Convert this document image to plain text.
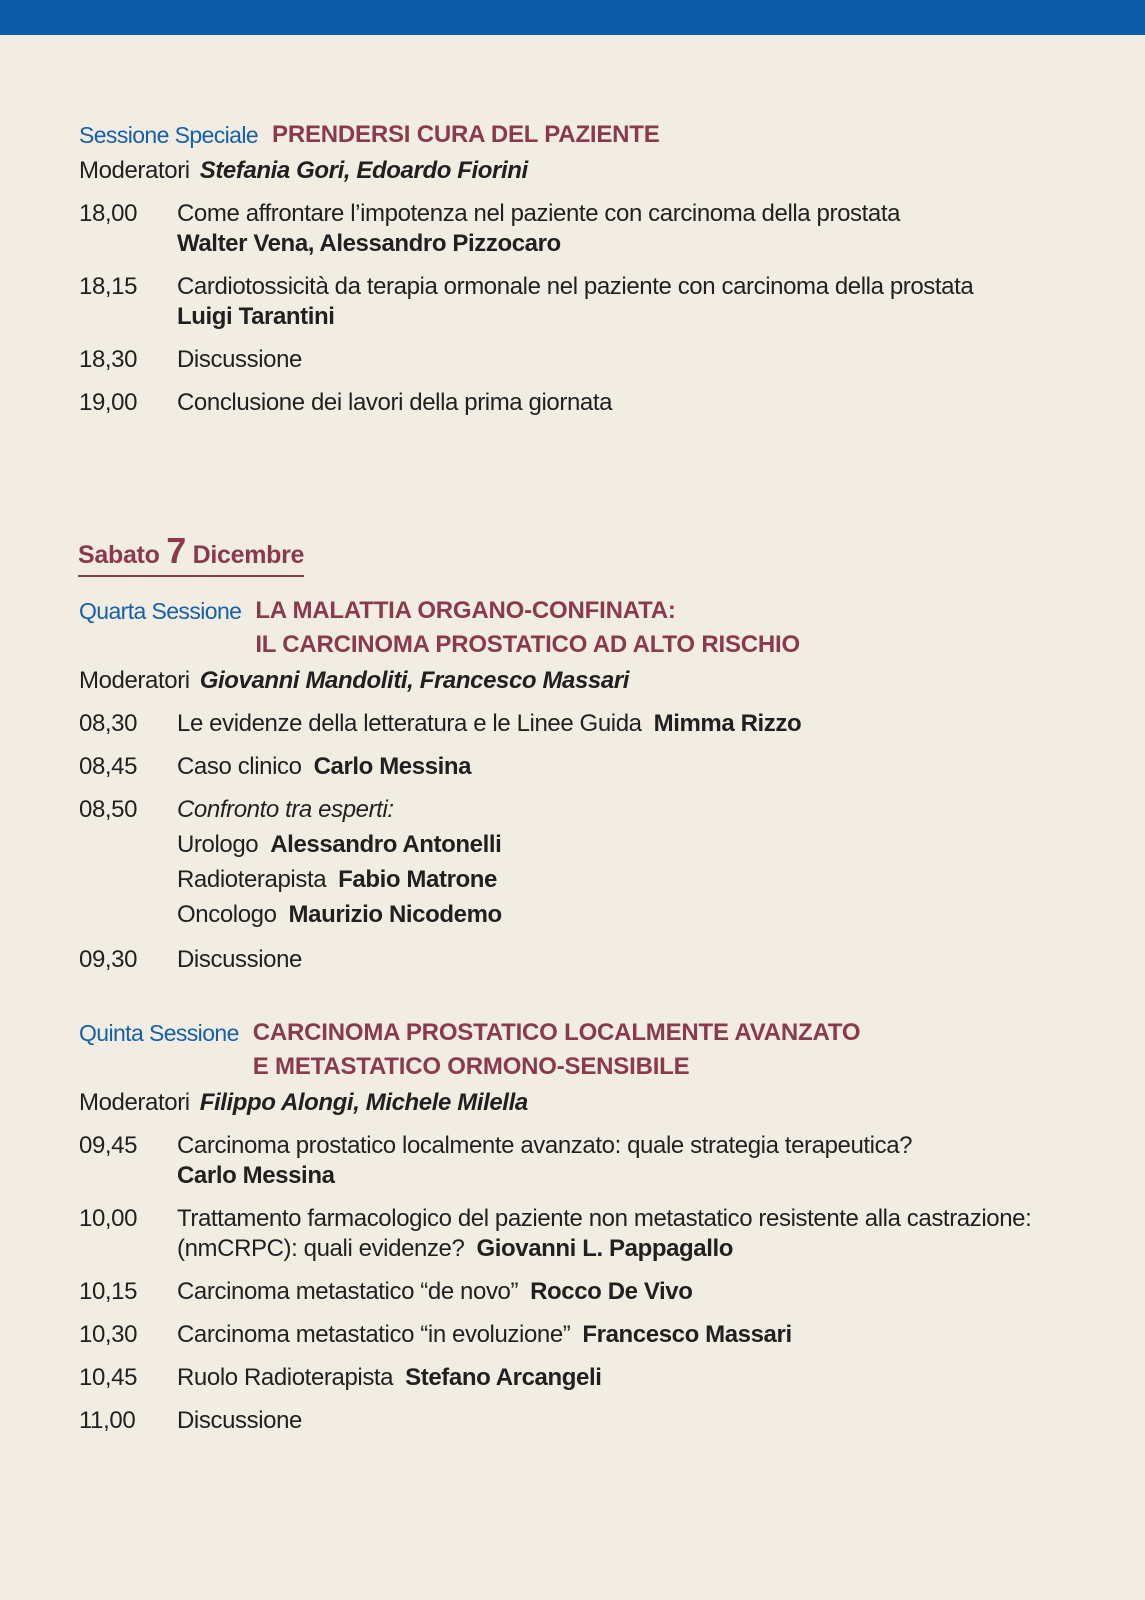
Sessione Speciale PRENDERSI CURA DEL PAZIENTE
Moderatori Stefania Gori, Edoardo Fiorini
18,00	Come affrontare l’impotenza nel paziente con carcinoma della prostata
Walter Vena, Alessandro Pizzocaro
18,15	Cardiotossicità da terapia ormonale nel paziente con carcinoma della prostata
Luigi Tarantini
18,30	Discussione
19,00	Conclusione dei lavori della prima giornata
Sabato 7 Dicembre
Quarta Sessione LA MALATTIA ORGANO-CONFINATA:
IL CARCINOMA PROSTATICO AD ALTO RISCHIO
Moderatori Giovanni Mandoliti, Francesco Massari
08,30	Le evidenze della letteratura e le Linee Guida Mimma Rizzo
08,45	Caso clinico Carlo Messina
08,50	Confronto tra esperti:
Urologo Alessandro Antonelli
Radioterapista Fabio Matrone
Oncologo Maurizio Nicodemo
09,30	Discussione
Quinta Sessione CARCINOMA PROSTATICO LOCALMENTE AVANZATO
E METASTATICO ORMONO-SENSIBILE
Moderatori Filippo Alongi, Michele Milella
09,45	Carcinoma prostatico localmente avanzato: quale strategia terapeutica?
Carlo Messina
10,00	Trattamento farmacologico del paziente non metastatico resistente alla castrazione:
(nmCRPC): quali evidenze? Giovanni L. Pappagallo
10,15	Carcinoma metastatico “de novo” Rocco De Vivo
10,30	Carcinoma metastatico “in evoluzione” Francesco Massari
10,45	Ruolo Radioterapista Stefano Arcangeli
11,00	Discussione
